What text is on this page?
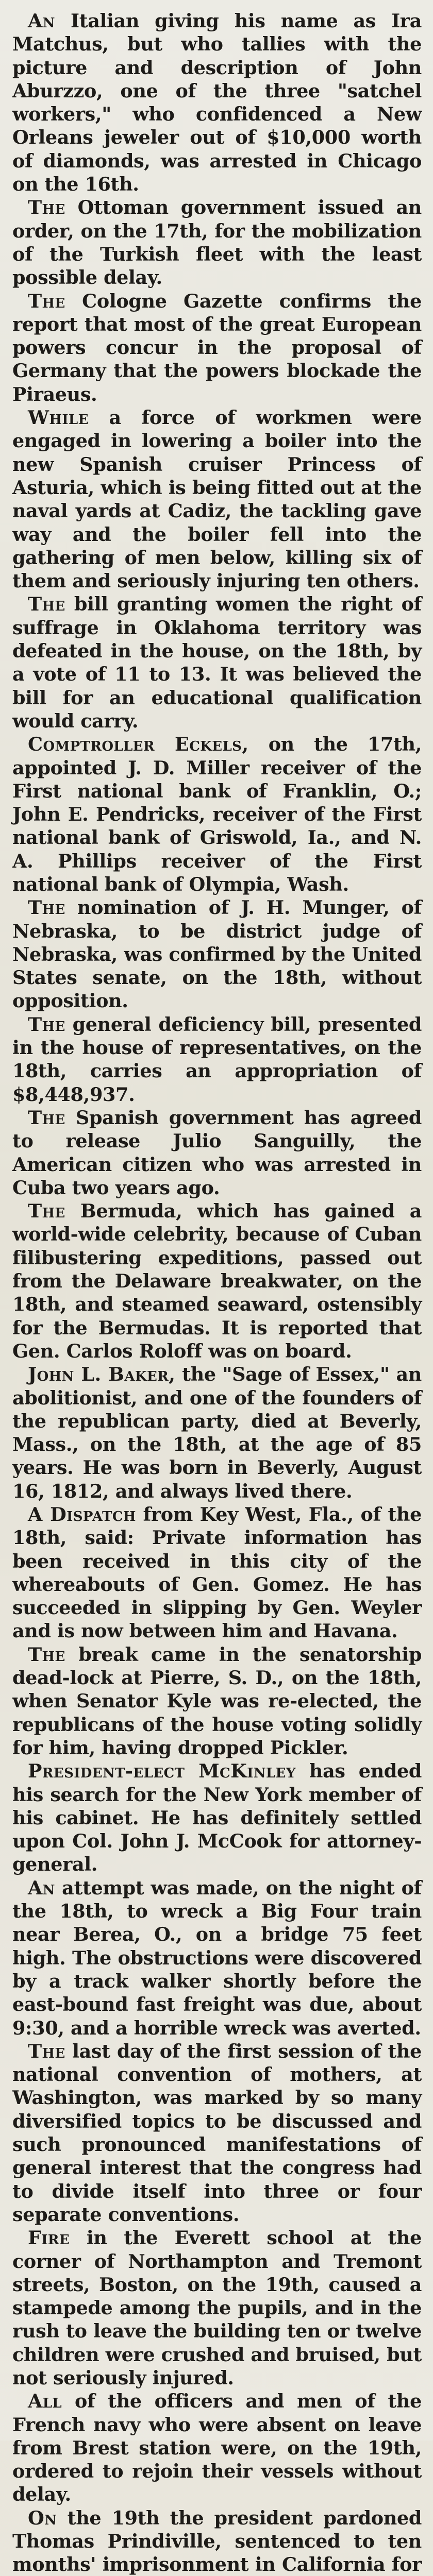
An Italian giving his name as Ira Matchus, but who tallies with the picture and description of John Aburzzo, one of the three "satchel workers," who confidenced a New Orleans jeweler out of $10,000 worth of diamonds, was arrested in Chicago on the 16th.

The Ottoman government issued an order, on the 17th, for the mobilization of the Turkish fleet with the least possible delay.

The Cologne Gazette confirms the report that most of the great European powers concur in the proposal of Germany that the powers blockade the Piraeus.

While a force of workmen were engaged in lowering a boiler into the new Spanish cruiser Princess of Asturia, which is being fitted out at the naval yards at Cadiz, the tackling gave way and the boiler fell into the gathering of men below, killing six of them and seriously injuring ten others.

The bill granting women the right of suffrage in Oklahoma territory was defeated in the house, on the 18th, by a vote of 11 to 13. It was believed the bill for an educational qualification would carry.

Comptroller Eckels, on the 17th, appointed J. D. Miller receiver of the First national bank of Franklin, O.; John E. Pendricks, receiver of the First national bank of Griswold, Ia., and N. A. Phillips receiver of the First national bank of Olympia, Wash.

The nomination of J. H. Munger, of Nebraska, to be district judge of Nebraska, was confirmed by the United States senate, on the 18th, without opposition.

The general deficiency bill, presented in the house of representatives, on the 18th, carries an appropriation of $8,448,937.

The Spanish government has agreed to release Julio Sanguilly, the American citizen who was arrested in Cuba two years ago.

The Bermuda, which has gained a world-wide celebrity, because of Cuban filibustering expeditions, passed out from the Delaware breakwater, on the 18th, and steamed seaward, ostensibly for the Bermudas. It is reported that Gen. Carlos Roloff was on board.

John L. Baker, the "Sage of Essex," an abolitionist, and one of the founders of the republican party, died at Beverly, Mass., on the 18th, at the age of 85 years. He was born in Beverly, August 16, 1812, and always lived there.

A Dispatch from Key West, Fla., of the 18th, said: Private information has been received in this city of the whereabouts of Gen. Gomez. He has succeeded in slipping by Gen. Weyler and is now between him and Havana.

The break came in the senatorship dead-lock at Pierre, S. D., on the 18th, when Senator Kyle was re-elected, the republicans of the house voting solidly for him, having dropped Pickler.

President-elect McKinley has ended his search for the New York member of his cabinet. He has definitely settled upon Col. John J. McCook for attorney-general.

An attempt was made, on the night of the 18th, to wreck a Big Four train near Berea, O., on a bridge 75 feet high. The obstructions were discovered by a track walker shortly before the east-bound fast freight was due, about 9:30, and a horrible wreck was averted.

The last day of the first session of the national convention of mothers, at Washington, was marked by so many diversified topics to be discussed and such pronounced manifestations of general interest that the congress had to divide itself into three or four separate conventions.

Fire in the Everett school at the corner of Northampton and Tremont streets, Boston, on the 19th, caused a stampede among the pupils, and in the rush to leave the building ten or twelve children were crushed and bruised, but not seriously injured.

All of the officers and men of the French navy who were absent on leave from Brest station were, on the 19th, ordered to rejoin their vessels without delay.

On the 19th the president pardoned Thomas Prindiville, sentenced to ten months' imprisonment in California for
